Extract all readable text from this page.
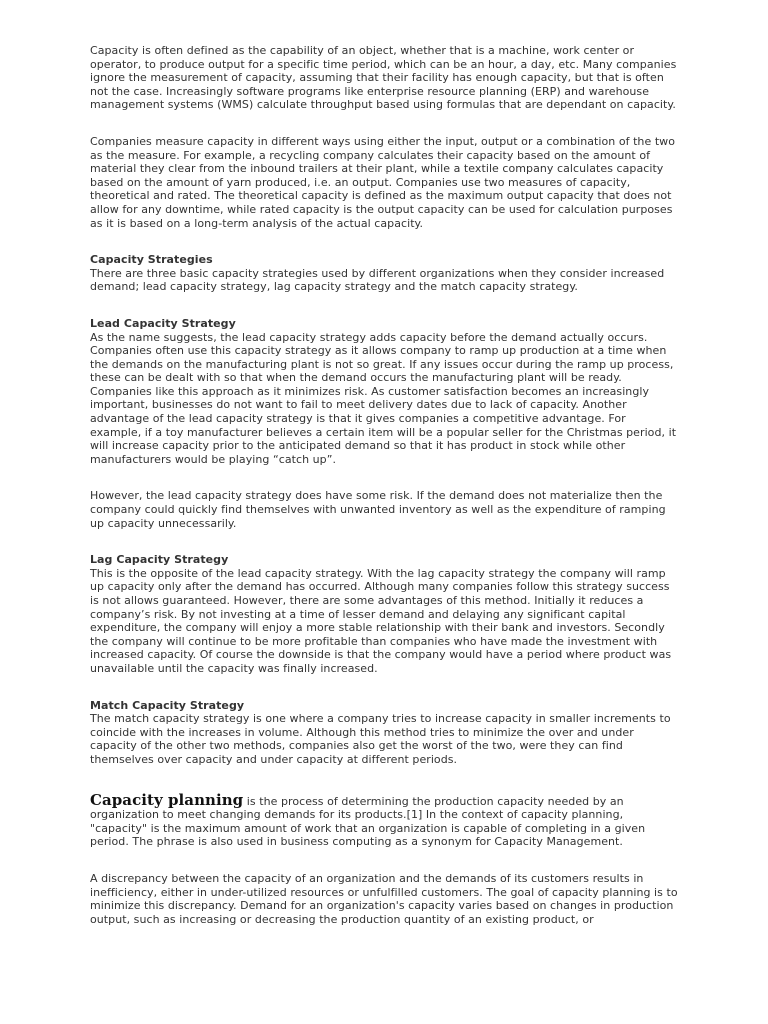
Capacity is often defined as the capability of an object, whether that is a machine, work center or operator, to produce output for a specific time period, which can be an hour, a day, etc. Many companies ignore the measurement of capacity, assuming that their facility has enough capacity, but that is often not the case. Increasingly software programs like enterprise resource planning (ERP) and warehouse management systems (WMS) calculate throughput based using formulas that are dependant on capacity.

Companies measure capacity in different ways using either the input, output or a combination of the two as the measure. For example, a recycling company calculates their capacity based on the amount of material they clear from the inbound trailers at their plant, while a textile company calculates capacity based on the amount of yarn produced, i.e. an output. Companies use two measures of capacity, theoretical and rated. The theoretical capacity is defined as the maximum output capacity that does not allow for any downtime, while rated capacity is the output capacity can be used for calculation purposes as it is based on a long-term analysis of the actual capacity.

Capacity Strategies
There are three basic capacity strategies used by different organizations when they consider increased demand; lead capacity strategy, lag capacity strategy and the match capacity strategy.

Lead Capacity Strategy
As the name suggests, the lead capacity strategy adds capacity before the demand actually occurs. Companies often use this capacity strategy as it allows company to ramp up production at a time when the demands on the manufacturing plant is not so great. If any issues occur during the ramp up process, these can be dealt with so that when the demand occurs the manufacturing plant will be ready. Companies like this approach as it minimizes risk. As customer satisfaction becomes an increasingly important, businesses do not want to fail to meet delivery dates due to lack of capacity. Another advantage of the lead capacity strategy is that it gives companies a competitive advantage. For example, if a toy manufacturer believes a certain item will be a popular seller for the Christmas period, it will increase capacity prior to the anticipated demand so that it has product in stock while other manufacturers would be playing “catch up”.

However, the lead capacity strategy does have some risk. If the demand does not materialize then the company could quickly find themselves with unwanted inventory as well as the expenditure of ramping up capacity unnecessarily.

Lag Capacity Strategy
This is the opposite of the lead capacity strategy. With the lag capacity strategy the company will ramp up capacity only after the demand has occurred. Although many companies follow this strategy success is not allows guaranteed. However, there are some advantages of this method. Initially it reduces a company’s risk. By not investing at a time of lesser demand and delaying any significant capital expenditure, the company will enjoy a more stable relationship with their bank and investors. Secondly the company will continue to be more profitable than companies who have made the investment with increased capacity. Of course the downside is that the company would have a period where product was unavailable until the capacity was finally increased.

Match Capacity Strategy
The match capacity strategy is one where a company tries to increase capacity in smaller increments to coincide with the increases in volume. Although this method tries to minimize the over and under capacity of the other two methods, companies also get the worst of the two, were they can find themselves over capacity and under capacity at different periods.

Capacity planning is the process of determining the production capacity needed by an organization to meet changing demands for its products.[1] In the context of capacity planning, "capacity" is the maximum amount of work that an organization is capable of completing in a given period. The phrase is also used in business computing as a synonym for Capacity Management.

A discrepancy between the capacity of an organization and the demands of its customers results in inefficiency, either in under-utilized resources or unfulfilled customers. The goal of capacity planning is to minimize this discrepancy. Demand for an organization's capacity varies based on changes in production output, such as increasing or decreasing the production quantity of an existing product, or
